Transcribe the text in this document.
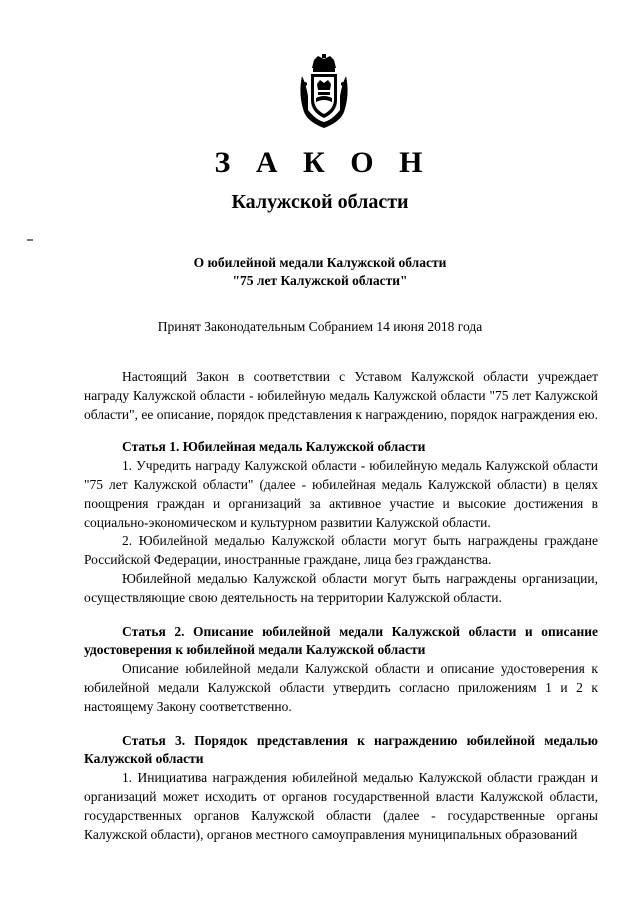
З А К О Н
Калужской области
О юбилейной медали Калужской области
"75 лет Калужской области"
Принят Законодательным Собранием 14 июня 2018 года

Настоящий Закон в соответствии с Уставом Калужской области учреждает награду Калужской области - юбилейную медаль Калужской области "75 лет Калужской области", ее описание, порядок представления к награждению, порядок награждения ею.

Статья 1. Юбилейная медаль Калужской области

1. Учредить награду Калужской области - юбилейную медаль Калужской области "75 лет Калужской области" (далее - юбилейная медаль Калужской области) в целях поощрения граждан и организаций за активное участие и высокие достижения в социально-экономическом и культурном развитии Калужской области.

2. Юбилейной медалью Калужской области могут быть награждены граждане Российской Федерации, иностранные граждане, лица без гражданства.

Юбилейной медалью Калужской области могут быть награждены организации, осуществляющие свою деятельность на территории Калужской области.

Статья 2. Описание юбилейной медали Калужской области и описание удостоверения к юбилейной медали Калужской области

Описание юбилейной медали Калужской области и описание удостоверения к юбилейной медали Калужской области утвердить согласно приложениям 1 и 2 к настоящему Закону соответственно.

Статья 3. Порядок представления к награждению юбилейной медалью Калужской области

1. Инициатива награждения юбилейной медалью Калужской области граждан и организаций может исходить от органов государственной власти Калужской области, государственных органов Калужской области (далее - государственные органы Калужской области), органов местного самоуправления муниципальных образований
